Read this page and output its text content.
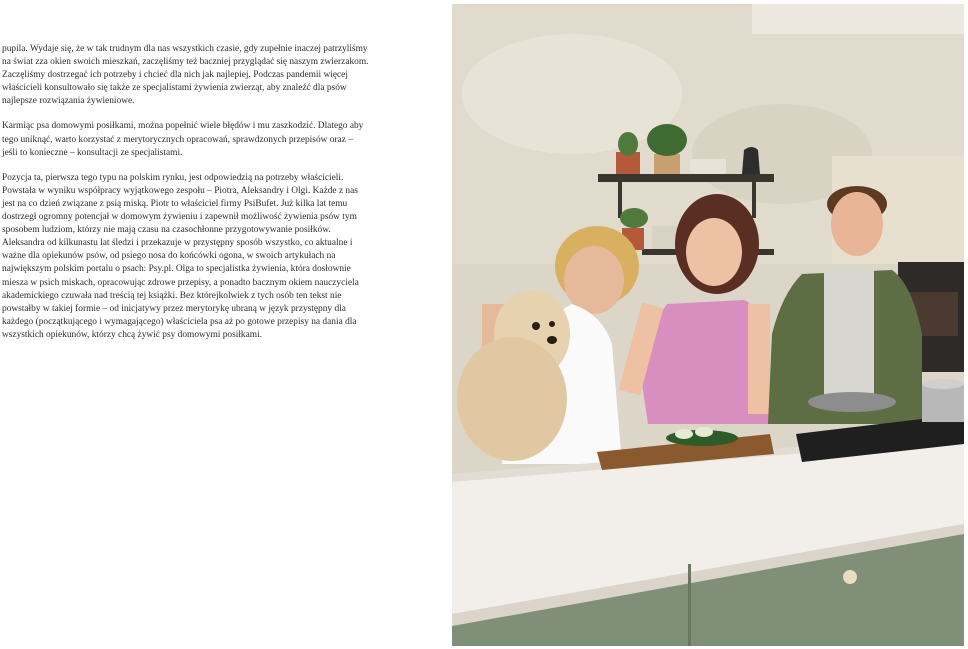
pupila. Wydaje się, że w tak trudnym dla nas wszystkich czasie, gdy zupełnie inaczej patrzyliśmy na świat zza okien swoich mieszkań, zaczęliśmy też baczniej przyglądać się naszym zwierzakom. Zaczęliśmy dostrzegać ich potrzeby i chcieć dla nich jak najlepiej. Podczas pandemii więcej właścicieli konsultowało się także ze specjalistami żywienia zwierząt, aby znaleźć dla psów najlepsze rozwiązania żywieniowe.

Karmiąc psa domowymi posiłkami, można popełnić wiele błędów i mu zaszkodzić. Dlatego aby tego uniknąć, warto korzystać z merytorycznych opracowań, sprawdzonych przepisów oraz – jeśli to konieczne – konsultacji ze specjalistami.

Pozycja ta, pierwsza tego typu na polskim rynku, jest odpowiedzią na potrzeby właścicieli. Powstała w wyniku współpracy wyjątkowego zespołu – Piotra, Aleksandry i Olgi. Każde z nas jest na co dzień związane z psią miską. Piotr to właściciel firmy PsiBufet. Już kilka lat temu dostrzegł ogromny potencjał w domowym żywieniu i zapewnił możliwość żywienia psów tym sposobem ludziom, którzy nie mają czasu na czasochłonne przygotowywanie posiłków. Aleksandra od kilkunastu lat śledzi i przekazuje w przystępny sposób wszystko, co aktualne i ważne dla opiekunów psów, od psiego nosa do końcówki ogona, w swoich artykułach na największym polskim portalu o psach: Psy.pl. Olga to specjalistka żywienia, która dosłownie miesza w psich miskach, opracowując zdrowe przepisy, a ponadto bacznym okiem nauczyciela akademickiego czuwała nad treścią tej książki. Bez którejkolwiek z tych osób ten tekst nie powstałby w takiej formie – od inicjatywy przez merytorykę ubraną w język przystępny dla każdego (początkującego i wymagającego) właściciela psa aż po gotowe przepisy na dania dla wszystkich opiekunów, którzy chcą żywić psy domowymi posiłkami.
